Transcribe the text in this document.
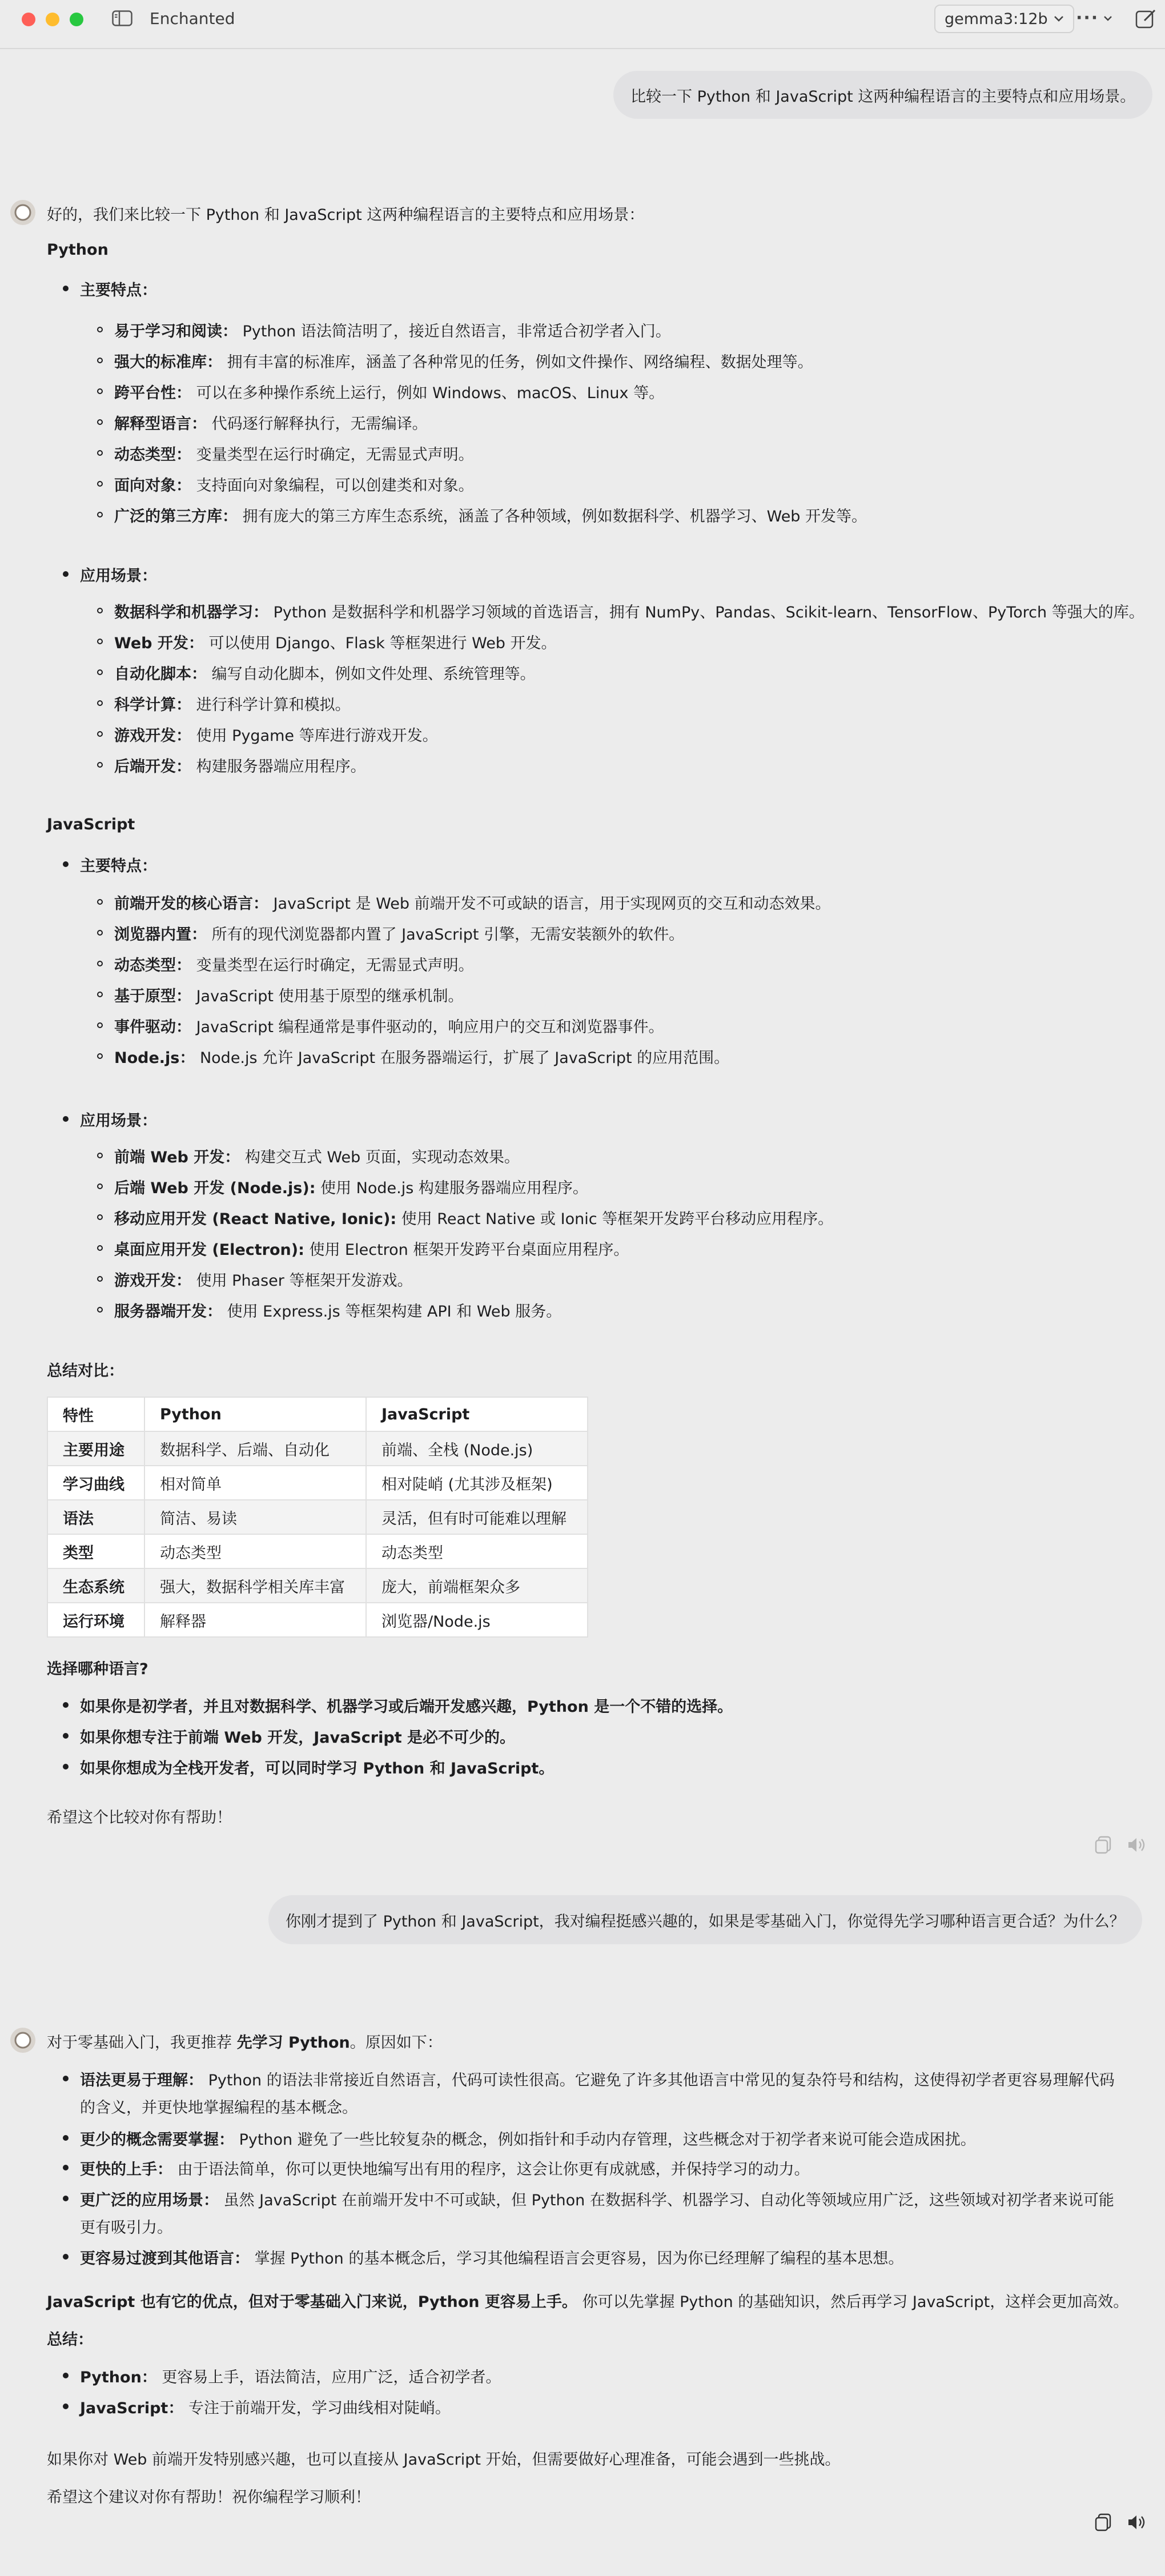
Enchanted	gemma3:12b ···
比较一下 Python 和 JavaScript 这两种编程语言的主要特点和应用场景。
好的，我们来比较一下 Python 和 JavaScript 这两种编程语言的主要特点和应用场景：
Python
主要特点：
易于学习和阅读： Python 语法简洁明了，接近自然语言，非常适合初学者入门。
强大的标准库： 拥有丰富的标准库，涵盖了各种常见的任务，例如文件操作、网络编程、数据处理等。
跨平台性： 可以在多种操作系统上运行，例如 Windows、macOS、Linux 等。
解释型语言： 代码逐行解释执行，无需编译。
动态类型： 变量类型在运行时确定，无需显式声明。
面向对象： 支持面向对象编程，可以创建类和对象。
广泛的第三方库： 拥有庞大的第三方库生态系统，涵盖了各种领域，例如数据科学、机器学习、Web 开发等。
应用场景：
数据科学和机器学习： Python 是数据科学和机器学习领域的首选语言，拥有 NumPy、Pandas、Scikit-learn、TensorFlow、PyTorch 等强大的库。
Web 开发： 可以使用 Django、Flask 等框架进行 Web 开发。
自动化脚本： 编写自动化脚本，例如文件处理、系统管理等。
科学计算： 进行科学计算和模拟。
游戏开发： 使用 Pygame 等库进行游戏开发。
后端开发： 构建服务器端应用程序。
JavaScript
主要特点：
前端开发的核心语言： JavaScript 是 Web 前端开发不可或缺的语言，用于实现网页的交互和动态效果。
浏览器内置： 所有的现代浏览器都内置了 JavaScript 引擎，无需安装额外的软件。
动态类型： 变量类型在运行时确定，无需显式声明。
基于原型： JavaScript 使用基于原型的继承机制。
事件驱动： JavaScript 编程通常是事件驱动的，响应用户的交互和浏览器事件。
Node.js： Node.js 允许 JavaScript 在服务器端运行，扩展了 JavaScript 的应用范围。
应用场景：
前端 Web 开发： 构建交互式 Web 页面，实现动态效果。
后端 Web 开发 (Node.js): 使用 Node.js 构建服务器端应用程序。
移动应用开发 (React Native, Ionic): 使用 React Native 或 Ionic 等框架开发跨平台移动应用程序。
桌面应用开发 (Electron): 使用 Electron 框架开发跨平台桌面应用程序。
游戏开发： 使用 Phaser 等框架开发游戏。
服务器端开发： 使用 Express.js 等框架构建 API 和 Web 服务。
总结对比：
特性	Python	JavaScript
主要用途	数据科学、后端、自动化	前端、全栈 (Node.js)
学习曲线	相对简单	相对陡峭 (尤其涉及框架)
语法	简洁、易读	灵活，但有时可能难以理解
类型	动态类型	动态类型
生态系统	强大，数据科学相关库丰富	庞大，前端框架众多
运行环境	解释器	浏览器/Node.js
选择哪种语言?
如果你是初学者，并且对数据科学、机器学习或后端开发感兴趣，Python 是一个不错的选择。
如果你想专注于前端 Web 开发，JavaScript 是必不可少的。
如果你想成为全栈开发者，可以同时学习 Python 和 JavaScript。
希望这个比较对你有帮助！
你刚才提到了 Python 和 JavaScript，我对编程挺感兴趣的，如果是零基础入门，你觉得先学习哪种语言更合适？为什么？
对于零基础入门，我更推荐 先学习 Python。原因如下：
语法更易于理解： Python 的语法非常接近自然语言，代码可读性很高。它避免了许多其他语言中常见的复杂符号和结构，这使得初学者更容易理解代码
的含义，并更快地掌握编程的基本概念。
更少的概念需要掌握： Python 避免了一些比较复杂的概念，例如指针和手动内存管理，这些概念对于初学者来说可能会造成困扰。
更快的上手： 由于语法简单，你可以更快地编写出有用的程序，这会让你更有成就感，并保持学习的动力。
更广泛的应用场景： 虽然 JavaScript 在前端开发中不可或缺，但 Python 在数据科学、机器学习、自动化等领域应用广泛，这些领域对初学者来说可能
更有吸引力。
更容易过渡到其他语言： 掌握 Python 的基本概念后，学习其他编程语言会更容易，因为你已经理解了编程的基本思想。
JavaScript 也有它的优点，但对于零基础入门来说，Python 更容易上手。 你可以先掌握 Python 的基础知识，然后再学习 JavaScript，这样会更加高效。
总结：
Python： 更容易上手，语法简洁，应用广泛，适合初学者。
JavaScript： 专注于前端开发，学习曲线相对陡峭。
如果你对 Web 前端开发特别感兴趣，也可以直接从 JavaScript 开始，但需要做好心理准备，可能会遇到一些挑战。
希望这个建议对你有帮助！祝你编程学习顺利！
